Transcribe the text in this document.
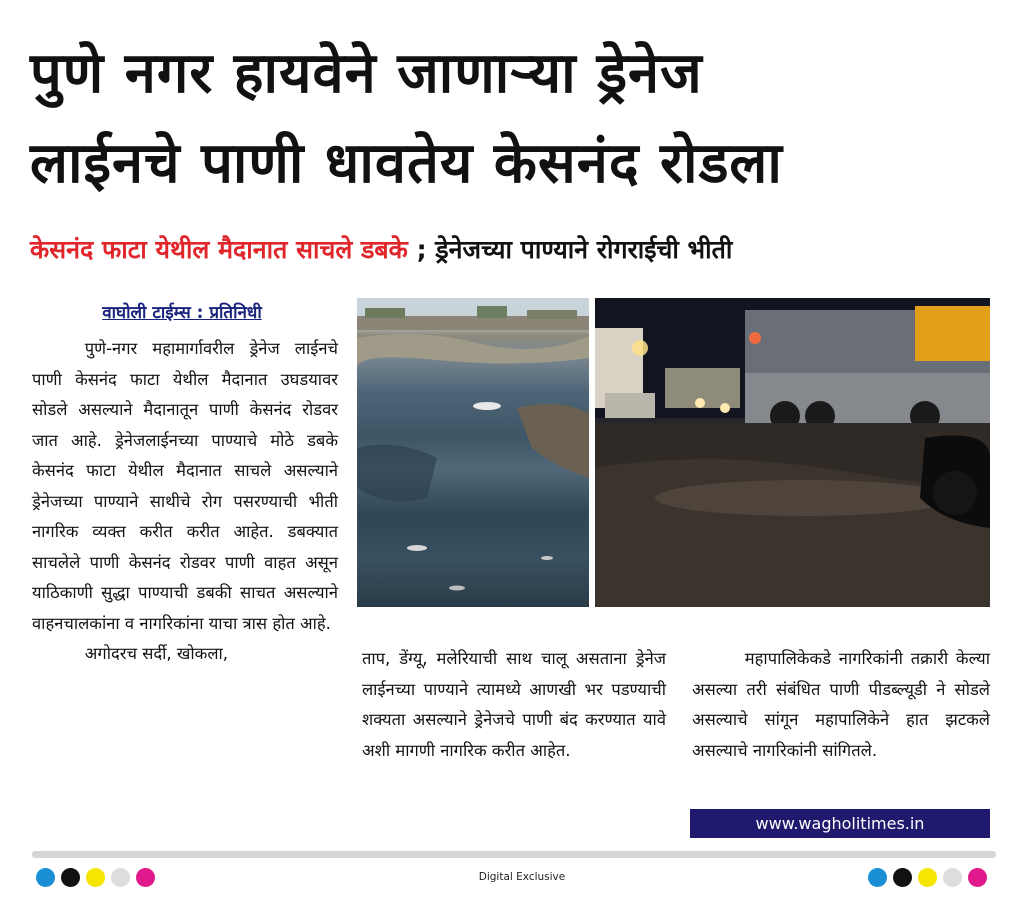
पुणे नगर हायवेने जाणाऱ्या ड्रेनेज
लाईनचे पाणी धावतेय केसनंद रोडला
केसनंद फाटा येथील मैदानात साचले डबके ; ड्रेनेजच्या पाण्याने रोगराईची भीती
वाघोली टाईम्स : प्रतिनिधी

पुणे-नगर महामार्गावरील ड्रेनेज लाईनचे पाणी केसनंद फाटा येथील मैदानात उघडयावर सोडले असल्याने मैदानातून पाणी केसनंद रोडवर जात आहे. ड्रेनेजलाईनच्या पाण्याचे मोठे डबके केसनंद फाटा येथील मैदानात साचले असल्याने ड्रेनेजच्या पाण्याने साथीचे रोग पसरण्याची भीती नागरिक व्यक्त करीत करीत आहेत. डबक्यात साचलेले पाणी केसनंद रोडवर पाणी वाहत असून याठिकाणी सुद्धा पाण्याची डबकी साचत असल्याने वाहनचालकांना व नागरिकांना याचा त्रास होत आहे.

अगोदरच सर्दी, खोकला,	ताप, डेंग्यू, मलेरियाची साथ चालू असताना ड्रेनेज लाईनच्या पाण्याने त्यामध्ये आणखी भर पडण्याची शक्यता असल्याने ड्रेनेजचे पाणी बंद करण्यात यावे अशी मागणी नागरिक करीत आहेत.

महापालिकेकडे नागरिकांनी तक्रारी केल्या असल्या तरी संबंधित पाणी पीडब्ल्यूडी ने सोडले असल्याचे सांगून महापालिकेने हात झटकले असल्याचे नागरिकांनी सांगितले.

www.wagholitimes.in
Digital Exclusive
